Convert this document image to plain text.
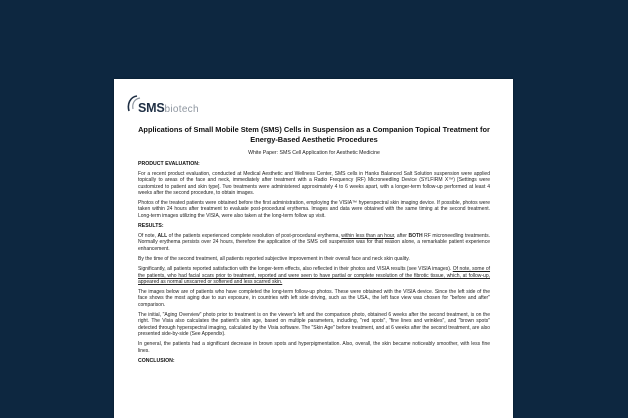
SMSbiotech
Applications of Small Mobile Stem (SMS) Cells in Suspension as a Companion Topical Treatment for Energy-Based Aesthetic Procedures
White Paper: SMS Cell Application for Aesthetic Medicine
PRODUCT EVALUATION:

For a recent product evaluation, conducted at Medical Aesthetic and Wellness Center, SMS cells in Hanks Balanced Salt Solution suspension were applied topically to areas of the face and neck, immediately after treatment with a Radio Frequency (RF) Microneedling Device (SYLFIRM X™) [Settings were customized to patient and skin type]. Two treatments were administered approximately 4 to 6 weeks apart, with a longer-term follow-up performed at least 4 weeks after the second procedure, to obtain images.

Photos of the treated patients were obtained before the first administration, employing the VISIA™ hyperspectral skin imaging device. If possible, photos were taken within 24 hours after treatment to evaluate post-procedural erythema. Images and data were obtained with the same timing at the second treatment. Long-term images utilizing the VISIA, were also taken at the long-term follow up visit.

RESULTS:

Of note, ALL of the patients experienced complete resolution of post-procedural erythema, within less than an hour, after BOTH RF microneedling treatments. Normally erythema persists over 24 hours, therefore the application of the SMS cell suspension was for that reason alone, a remarkable patient experience enhancement.

By the time of the second treatment, all patients reported subjective improvement in their overall face and neck skin quality.

Significantly, all patients reported satisfaction with the longer-term effects, also reflected in their photos and VISIA results (see VISIA images). Of note, some of the patients, who had facial scars prior to treatment, reported and were seen to have partial or complete resolution of the fibrotic tissue, which, at follow-up, appeared as normal unscarred or softened and less scarred skin.

The images below are of patients who have completed the long-term follow-up photos. These were obtained with the VISIA device. Since the left side of the face shows the most aging due to sun exposure, in countries with left side driving, such as the USA., the left face view was chosen for "before and after" comparison.

The initial, "Aging Overview" photo prior to treatment is on the viewer's left and the comparison photo, obtained 6 weeks after the second treatment, is on the right. The Visia also calculates the patient's skin age, based on multiple parameters, including, "red spots", "fine lines and wrinkles", and "brown spots" detected through hyperspectral imaging, calculated by the Visia software. The "Skin Age" before treatment, and at 6 weeks after the second treatment, are also presented side-by-side (See Appendix).

In general, the patients had a significant decrease in brown spots and hyperpigmentation. Also, overall, the skin became noticeably smoother, with less fine lines.

CONCLUSION:
